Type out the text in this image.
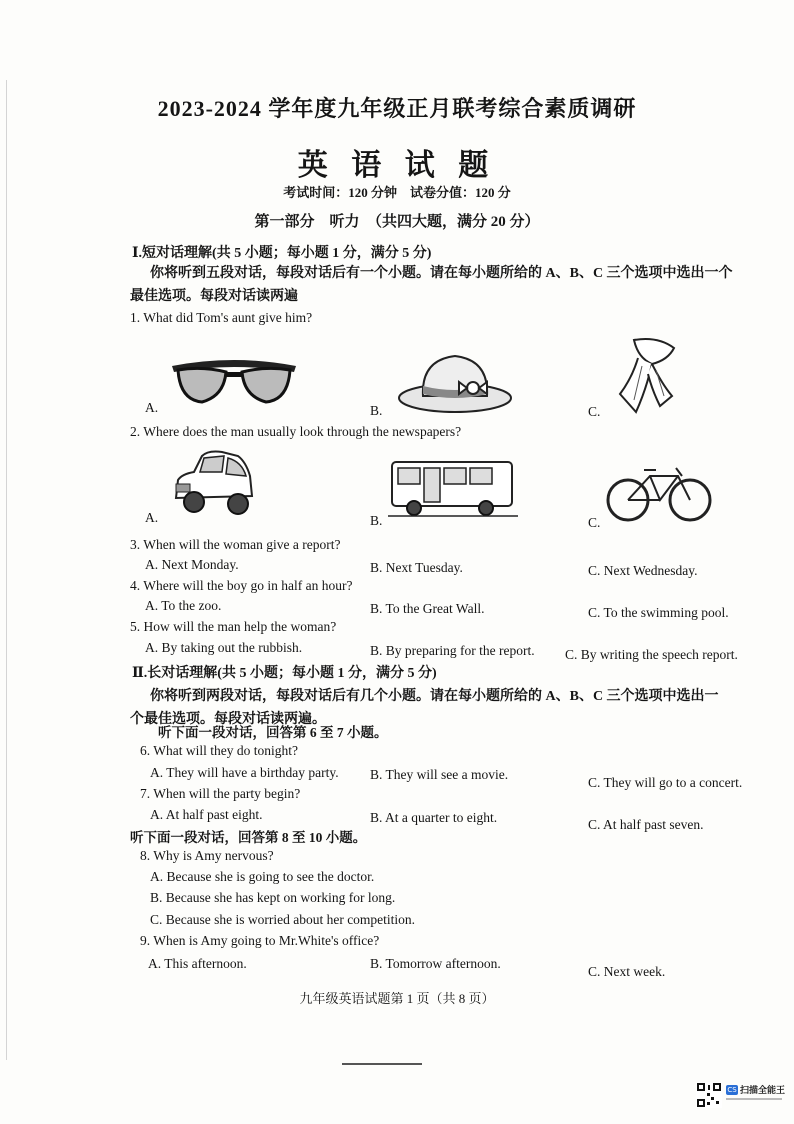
2023-2024 学年度九年级正月联考综合素质调研
英 语 试 题
考试时间：120 分钟　试卷分值：120 分
第一部分　听力　（共四大题，满分 20 分）
Ⅰ.短对话理解(共 5 小题；每小题 1 分，满分 5 分)
你将听到五段对话，每段对话后有一个小题。请在每小题所给的 A、B、C 三个选项中选出一个
最佳选项。每段对话读两遍
1. What did Tom's aunt give him?
A.	B.	C.
2. Where does the man usually look through the newspapers?
A.	B.	C.
3. When will the woman give a report?
A. Next Monday.	B. Next Tuesday.	C. Next Wednesday.
4. Where will the boy go in half an hour?
A. To the zoo.	B. To the Great Wall.	C. To the swimming pool.
5. How will the man help the woman?
A. By taking out the rubbish.	B. By preparing for the report. C. By writing the speech report.
Ⅱ.长对话理解(共 5 小题；每小题 1 分，满分 5 分)
你将听到两段对话，每段对话后有几个小题。请在每小题所给的 A、B、C 三个选项中选出一
个最佳选项。每段对话读两遍。
听下面一段对话，回答第 6 至 7 小题。
6. What will they do tonight?
A. They will have a birthday party. B. They will see a movie.
C. They will go to a concert.
7. When will the party begin?
A. At half past eight.	B. At a quarter to eight.	C. At half past seven.
听下面一段对话，回答第 8 至 10 小题。
8. Why is Amy nervous?
A. Because she is going to see the doctor.
B. Because she has kept on working for long.
C. Because she is worried about her competition.
9. When is Amy going to Mr.White's office?
A. This afternoon.	B. Tomorrow afternoon.
C. Next week.
九年级英语试题第 1 页（共 8 页）
CS 扫描全能王
